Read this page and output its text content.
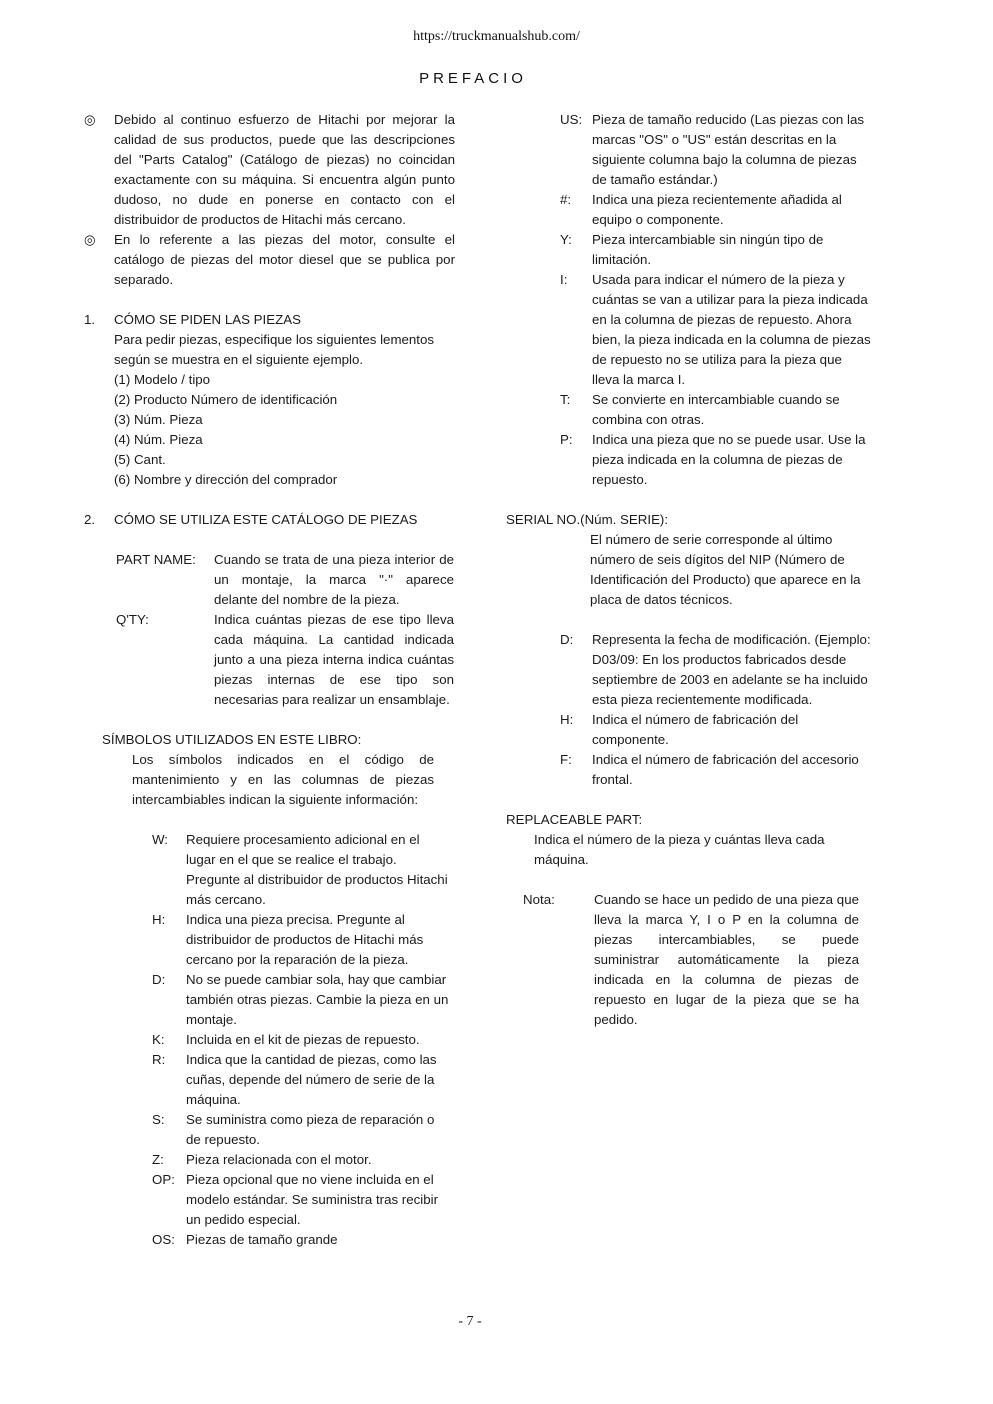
https://truckmanualshub.com/
PREFACIO
◎ Debido al continuo esfuerzo de Hitachi por mejorar la calidad de sus productos, puede que las descripciones del "Parts Catalog" (Catálogo de piezas) no coincidan exactamente con su máquina. Si encuentra algún punto dudoso, no dude en ponerse en contacto con el distribuidor de productos de Hitachi más cercano.
◎ En lo referente a las piezas del motor, consulte el catálogo de piezas del motor diesel que se publica por separado.
1. CÓMO SE PIDEN LAS PIEZAS
Para pedir piezas, especifique los siguientes lementos según se muestra en el siguiente ejemplo.
(1) Modelo / tipo
(2) Producto Número de identificación
(3) Núm. Pieza
(4) Núm. Pieza
(5) Cant.
(6) Nombre y dirección del comprador
2. CÓMO SE UTILIZA ESTE CATÁLOGO DE PIEZAS
PART NAME: Cuando se trata de una pieza interior de un montaje, la marca "·" aparece delante del nombre de la pieza.
Q'TY:	Indica cuántas piezas de ese tipo lleva cada máquina. La cantidad indicada junto a una pieza interna indica cuántas piezas internas de ese tipo son necesarias para realizar un ensamblaje.
SÍMBOLOS UTILIZADOS EN ESTE LIBRO:
Los símbolos indicados en el código de mantenimiento y en las columnas de piezas intercambiables indican la siguiente información:
W: Requiere procesamiento adicional en el lugar en el que se realice el trabajo. Pregunte al distribuidor de productos Hitachi más cercano.
H: Indica una pieza precisa. Pregunte al distribuidor de productos de Hitachi más cercano por la reparación de la pieza.
D: No se puede cambiar sola, hay que cambiar también otras piezas. Cambie la pieza en un montaje.
K: Incluida en el kit de piezas de repuesto.
R: Indica que la cantidad de piezas, como las cuñas, depende del número de serie de la máquina.
S: Se suministra como pieza de reparación o de repuesto.
Z: Pieza relacionada con el motor.
OP: Pieza opcional que no viene incluida en el modelo estándar. Se suministra tras recibir un pedido especial.
OS: Piezas de tamaño grande
US: Pieza de tamaño reducido (Las piezas con las marcas "OS" o "US" están descritas en la siguiente columna bajo la columna de piezas de tamaño estándar.)
#: Indica una pieza recientemente añadida al equipo o componente.
Y: Pieza intercambiable sin ningún tipo de limitación.
I: Usada para indicar el número de la pieza y cuántas se van a utilizar para la pieza indicada en la columna de piezas de repuesto. Ahora bien, la pieza indicada en la columna de piezas de repuesto no se utiliza para la pieza que lleva la marca I.
T: Se convierte en intercambiable cuando se combina con otras.
P: Indica una pieza que no se puede usar. Use la pieza indicada en la columna de piezas de repuesto.
SERIAL NO.(Núm. SERIE):
El número de serie corresponde al último número de seis dígitos del NIP (Número de Identificación del Producto) que aparece en la placa de datos técnicos.
D: Representa la fecha de modificación. (Ejemplo: D03/09: En los productos fabricados desde septiembre de 2003 en adelante se ha incluido esta pieza recientemente modificada.
H: Indica el número de fabricación del componente.
F: Indica el número de fabricación del accesorio frontal.
REPLACEABLE PART:
Indica el número de la pieza y cuántas lleva cada máquina.
Nota:	Cuando se hace un pedido de una pieza que lleva la marca Y, I o P en la columna de piezas intercambiables, se puede suministrar automáticamente la pieza indicada en la columna de piezas de repuesto en lugar de la pieza que se ha pedido.
- 7 -
